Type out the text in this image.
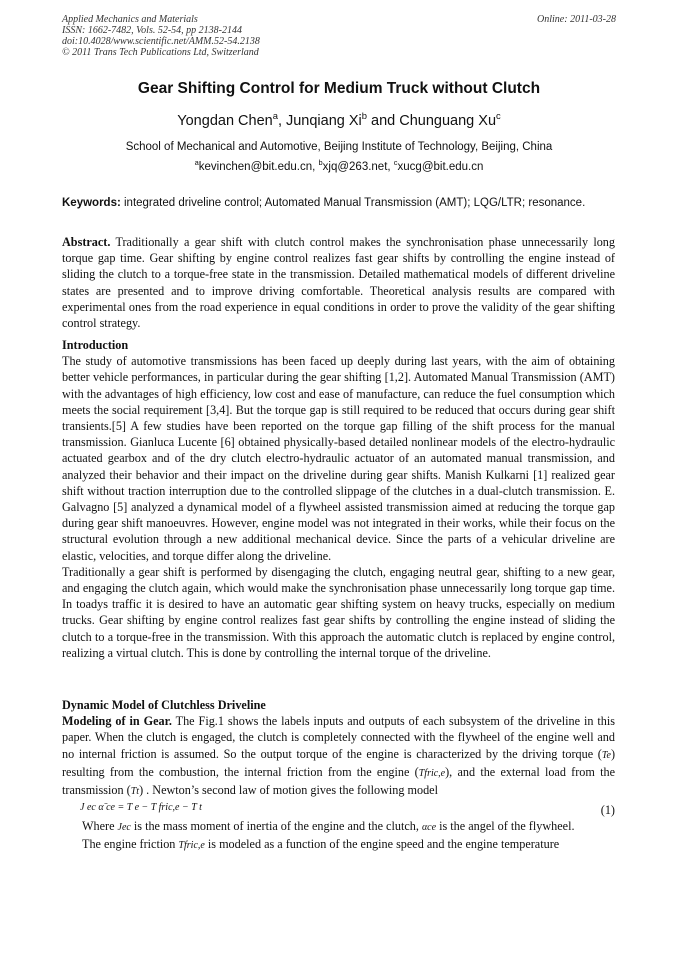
Applied Mechanics and Materials
ISSN: 1662-7482, Vols. 52-54, pp 2138-2144
doi:10.4028/www.scientific.net/AMM.52-54.2138
© 2011 Trans Tech Publications Ltd, Switzerland
Online: 2011-03-28
Gear Shifting Control for Medium Truck without Clutch
Yongdan Chen$^a$, Junqiang Xi$^b$ and Chunguang Xu$^c$
School of Mechanical and Automotive, Beijing Institute of Technology, Beijing, China
$^a$kevinchen@bit.edu.cn, $^b$xjq@263.net, $^c$xucg@bit.edu.cn
Keywords: integrated driveline control; Automated Manual Transmission (AMT); LQG/LTR; resonance.

Abstract. Traditionally a gear shift with clutch control makes the synchronisation phase unnecessarily long torque gap time. Gear shifting by engine control realizes fast gear shifts by controlling the engine instead of sliding the clutch to a torque-free state in the transmission. Detailed mathematical models of different driveline states are presented and to improve driving comfortable. Theoretical analysis results are compared with experimental ones from the road experience in equal conditions in order to prove the validity of the gear shifting control strategy.

Introduction

The study of automotive transmissions has been faced up deeply during last years, with the aim of obtaining better vehicle performances, in particular during the gear shifting [1,2]. Automated Manual Transmission (AMT) with the advantages of high efficiency, low cost and ease of manufacture, can reduce the fuel consumption which meets the social requirement [3,4]. But the torque gap is still required to be reduced that occurs during gear shift transients.[5] A few studies have been reported on the torque gap filling of the shift process for the manual transmission. Gianluca Lucente [6] obtained physically-based detailed nonlinear models of the electro-hydraulic actuated gearbox and of the dry clutch electro-hydraulic actuator of an automated manual transmission, and analyzed their behavior and their impact on the driveline during gear shifts. Manish Kulkarni [1] realized gear shift without traction interruption due to the controlled slippage of the clutches in a dual-clutch transmission. E. Galvagno [5] analyzed a dynamical model of a flywheel assisted transmission aimed at reducing the torque gap during gear shift manoeuvres. However, engine model was not integrated in their works, while their focus on the structural evolution through a new additional mechanical device. Since the parts of a vehicular driveline are elastic, velocities, and torque differ along the driveline.

Traditionally a gear shift is performed by disengaging the clutch, engaging neutral gear, shifting to a new gear, and engaging the clutch again, which would make the synchronisation phase unnecessarily long torque gap time. In toadys traffic it is desired to have an automatic gear shifting system on heavy trucks, especially on medium trucks. Gear shifting by engine control realizes fast gear shifts by controlling the engine instead of sliding the clutch to a torque-free in the transmission. With this approach the automatic clutch is replaced by engine control, realizing a virtual clutch. This is done by controlling the internal torque of the driveline.

Dynamic Model of Clutchless Driveline

Modeling of in Gear. The Fig.1 shows the labels inputs and outputs of each subsystem of the driveline in this paper. When the clutch is engaged, the clutch is completely connected with the flywheel of the engine well and no internal friction is assumed. So the output torque of the engine is characterized by the driving torque (Te) resulting from the combustion, the internal friction from the engine (Tfric,e), and the external load from the transmission (Tt) . Newton’s second law of motion gives the following model

J ec α̈ ce = T e − T fric,e − T t	(1)

Where Jec is the mass moment of inertia of the engine and the clutch, αce is the angel of the flywheel.

The engine friction Tfric,e is modeled as a function of the engine speed and the engine temperature
